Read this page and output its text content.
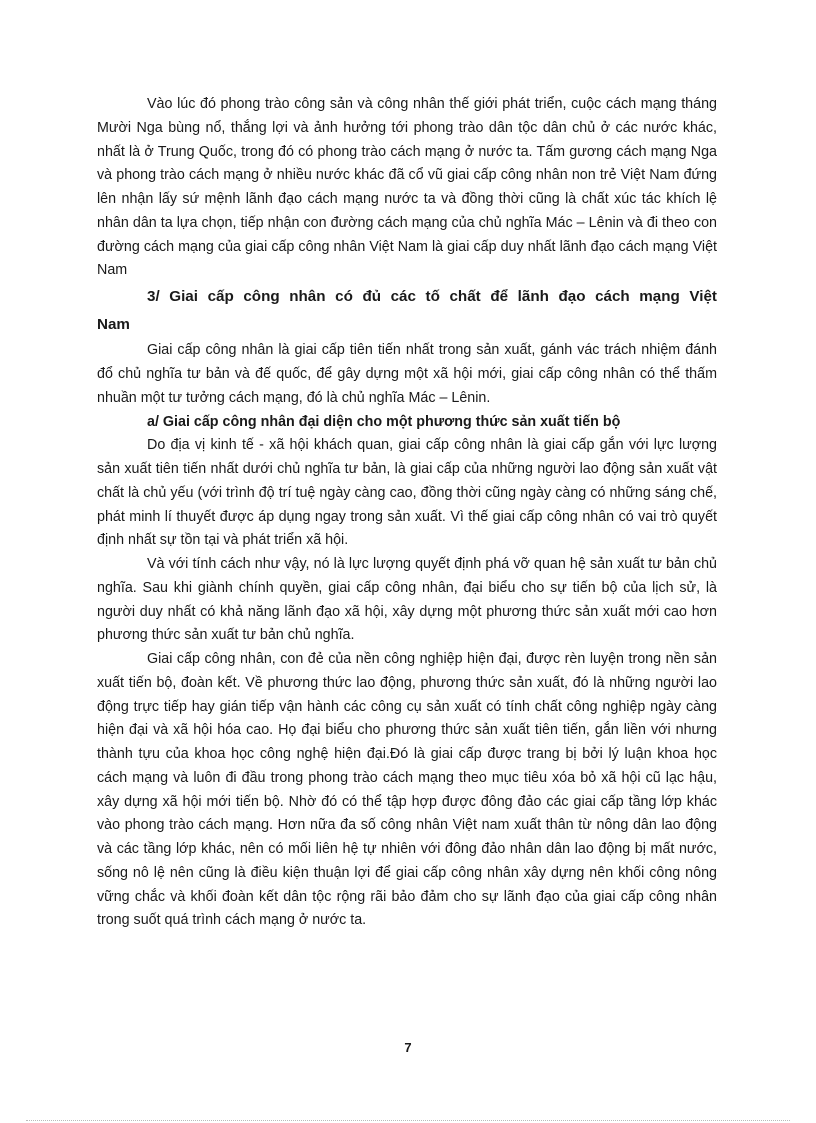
Vào lúc đó phong trào công sản và công nhân thế giới phát triển, cuộc cách mạng tháng Mười Nga bùng nổ, thắng lợi và ảnh hưởng tới phong trào dân tộc dân chủ ở các nước khác, nhất là ở Trung Quốc, trong đó có phong trào cách mạng ở nước ta. Tấm gương cách mạng Nga và phong trào cách mạng ở nhiều nước khác đã cổ vũ giai cấp công nhân non trẻ Việt Nam đứng lên nhận lấy sứ mệnh lãnh đạo cách mạng nước ta và đồng thời cũng là chất xúc tác khích lệ nhân dân ta lựa chọn, tiếp nhận con đường cách mạng của chủ nghĩa Mác – Lênin và đi theo con đường cách mạng của giai cấp công nhân Việt Nam là giai cấp duy nhất lãnh đạo cách mạng Việt Nam

3/ Giai cấp công nhân có đủ các tố chất để lãnh đạo cách mạng Việt Nam

Giai cấp công nhân là giai cấp tiên tiến nhất trong sản xuất, gánh vác trách nhiệm đánh đổ chủ nghĩa tư bản và đế quốc, để gây dựng một xã hội mới, giai cấp công nhân có thể thấm nhuần một tư tưởng cách mạng, đó là chủ nghĩa Mác – Lênin.

a/ Giai cấp công nhân đại diện cho một phương thức sản xuất tiến bộ

Do địa vị kinh tế - xã hội khách quan, giai cấp công nhân là giai cấp gắn với lực lượng sản xuất tiên tiến nhất dưới chủ nghĩa tư bản, là giai cấp của những người lao động sản xuất vật chất là chủ yếu (với trình độ trí tuệ ngày càng cao, đồng thời cũng ngày càng có những sáng chế, phát minh lí thuyết được áp dụng ngay trong sản xuất. Vì thế giai cấp công nhân có vai trò quyết định nhất sự tồn tại và phát triển xã hội.

Và với tính cách như vậy, nó là lực lượng quyết định phá vỡ quan hệ sản xuất tư bản chủ nghĩa. Sau khi giành chính quyền, giai cấp công nhân, đại biểu cho sự tiến bộ của lịch sử, là người duy nhất có khả năng lãnh đạo xã hội, xây dựng một phương thức sản xuất mới cao hơn phương thức sản xuất tư bản chủ nghĩa.

Giai cấp công nhân, con đẻ của nền công nghiệp hiện đại, được rèn luyện trong nền sản xuất tiến bộ, đoàn kết. Về phương thức lao động, phương thức sản xuất, đó là những người lao động trực tiếp hay gián tiếp vận hành các công cụ sản xuất có tính chất công nghiệp ngày càng hiện đại và xã hội hóa cao. Họ đại biểu cho phương thức sản xuất tiên tiến, gắn liền với nhưng thành tựu của khoa học công nghệ hiện đại.Đó là giai cấp được trang bị bởi lý luận khoa học cách mạng và luôn đi đầu trong phong trào cách mạng theo mục tiêu xóa bỏ xã hội cũ lạc hậu, xây dựng xã hội mới tiến bộ. Nhờ đó có thể tập hợp được đông đảo các giai cấp tầng lớp khác vào phong trào cách mạng. Hơn nữa đa số công nhân Việt nam xuất thân từ nông dân lao động và các tầng lớp khác, nên có mối liên hệ tự nhiên với đông đảo nhân dân lao động bị mất nước, sống nô lệ nên cũng là điều kiện thuận lợi để giai cấp công nhân xây dựng nên khối công nông vững chắc và khối đoàn kết dân tộc rộng rãi bảo đảm cho sự lãnh đạo của giai cấp công nhân trong suốt quá trình cách mạng ở nước ta.

7
